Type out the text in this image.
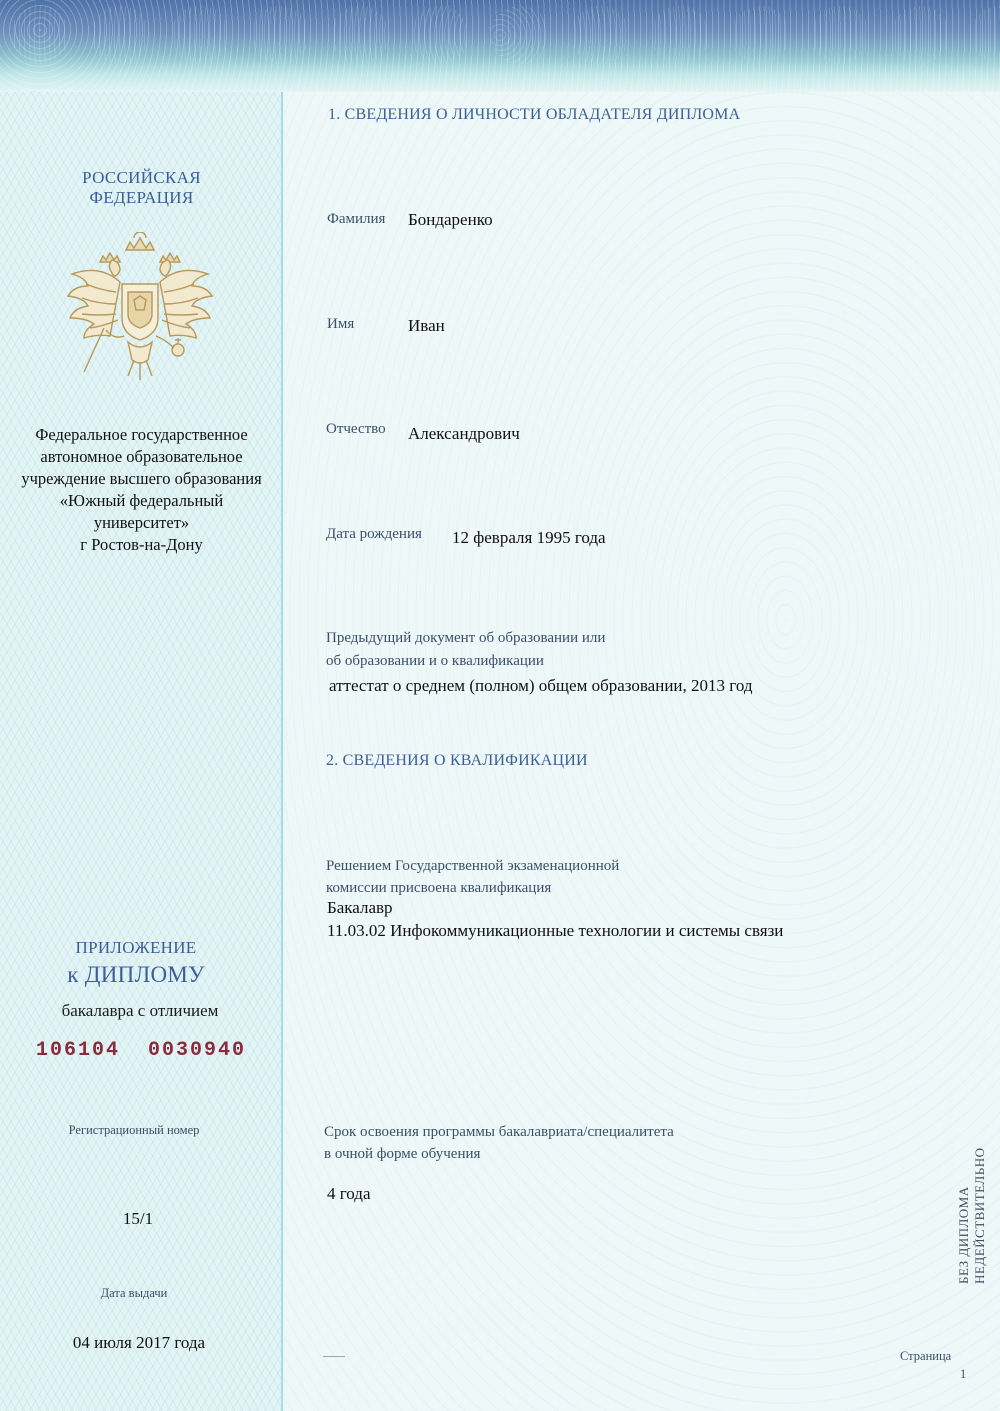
РОССИЙСКАЯ
ФЕДЕРАЦИЯ
Федеральное государственное
автономное образовательное
учреждение высшего образования
«Южный федеральный
университет»
г Ростов-на-Дону
ПРИЛОЖЕНИЕ
к ДИПЛОМУ
бакалавра с отличием
106104  0030940
Регистрационный номер
15/1
Дата выдачи
04 июля 2017 года
1. СВЕДЕНИЯ О ЛИЧНОСТИ ОБЛАДАТЕЛЯ ДИПЛОМА
Фамилия Бондаренко
Имя	Иван
Отчество Александрович
Дата рождения 12 февраля 1995 года
Предыдущий документ об образовании или
об образовании и о квалификации
аттестат о среднем (полном) общем образовании, 2013 год
2. СВЕДЕНИЯ О КВАЛИФИКАЦИИ
Решением Государственной экзаменационной
комиссии присвоена квалификация
Бакалавр
11.03.02 Инфокоммуникационные технологии и системы связи
Срок освоения программы бакалавриата/специалитета
в очной форме обучения
4 года	БЕЗ ДИПЛОМА НЕДЕЙСТВИТЕЛЬНО
Страница
1
